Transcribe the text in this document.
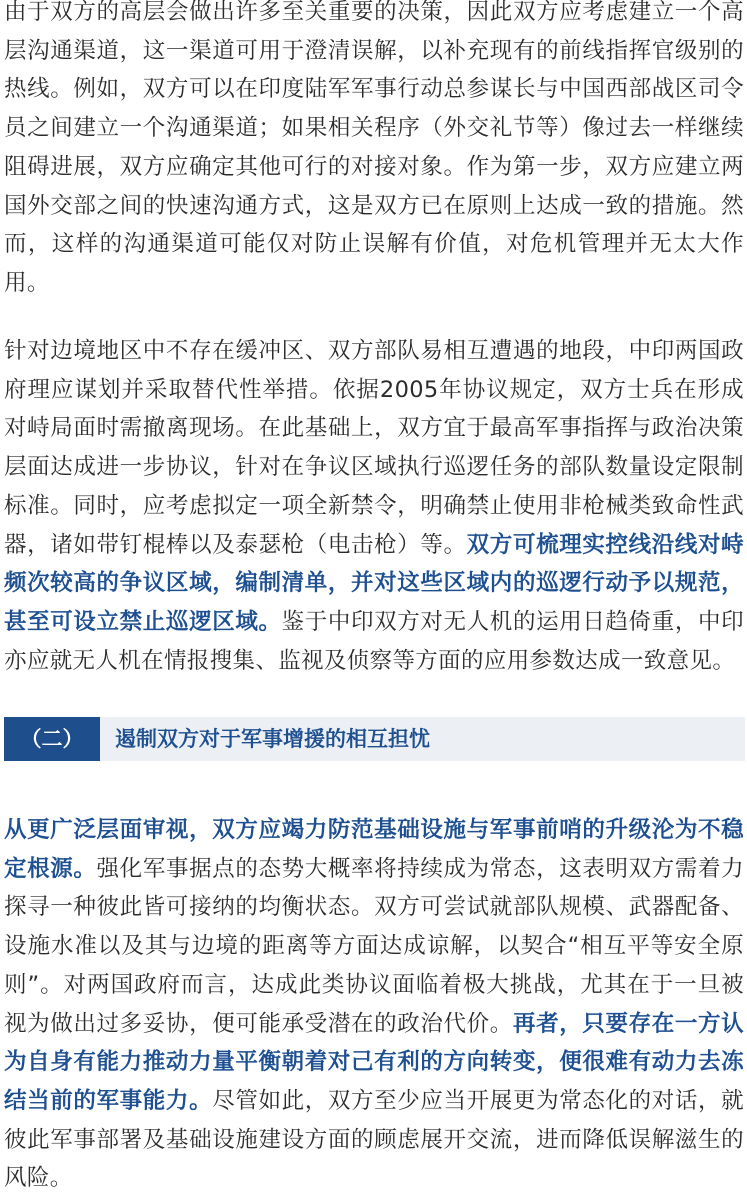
由于双方的高层会做出许多至关重要的决策，因此双方应考虑建立一个高层沟通渠道，这一渠道可用于澄清误解，以补充现有的前线指挥官级别的热线。例如，双方可以在印度陆军军事行动总参谋长与中国西部战区司令员之间建立一个沟通渠道；如果相关程序（外交礼节等）像过去一样继续阻碍进展，双方应确定其他可行的对接对象。作为第一步，双方应建立两国外交部之间的快速沟通方式，这是双方已在原则上达成一致的措施。然而，这样的沟通渠道可能仅对防止误解有价值，对危机管理并无太大作用。

针对边境地区中不存在缓冲区、双方部队易相互遭遇的地段，中印两国政府理应谋划并采取替代性举措。依据2005年协议规定，双方士兵在形成对峙局面时需撤离现场。在此基础上，双方宜于最高军事指挥与政治决策层面达成进一步协议，针对在争议区域执行巡逻任务的部队数量设定限制标准。同时，应考虑拟定一项全新禁令，明确禁止使用非枪械类致命性武器，诸如带钉棍棒以及泰瑟枪（电击枪）等。双方可梳理实控线沿线对峙频次较高的争议区域，编制清单，并对这些区域内的巡逻行动予以规范，甚至可设立禁止巡逻区域。鉴于中印双方对无人机的运用日趋倚重，中印亦应就无人机在情报搜集、监视及侦察等方面的应用参数达成一致意见。

（二）	遏制双方对于军事增援的相互担忧

从更广泛层面审视，双方应竭力防范基础设施与军事前哨的升级沦为不稳定根源。强化军事据点的态势大概率将持续成为常态，这表明双方需着力探寻一种彼此皆可接纳的均衡状态。双方可尝试就部队规模、武器配备、设施水准以及其与边境的距离等方面达成谅解，以契合“相互平等安全原则”。对两国政府而言，达成此类协议面临着极大挑战，尤其在于一旦被视为做出过多妥协，便可能承受潜在的政治代价。再者，只要存在一方认为自身有能力推动力量平衡朝着对己有利的方向转变，便很难有动力去冻结当前的军事能力。尽管如此，双方至少应当开展更为常态化的对话，就彼此军事部署及基础设施建设方面的顾虑展开交流，进而降低误解滋生的风险。
